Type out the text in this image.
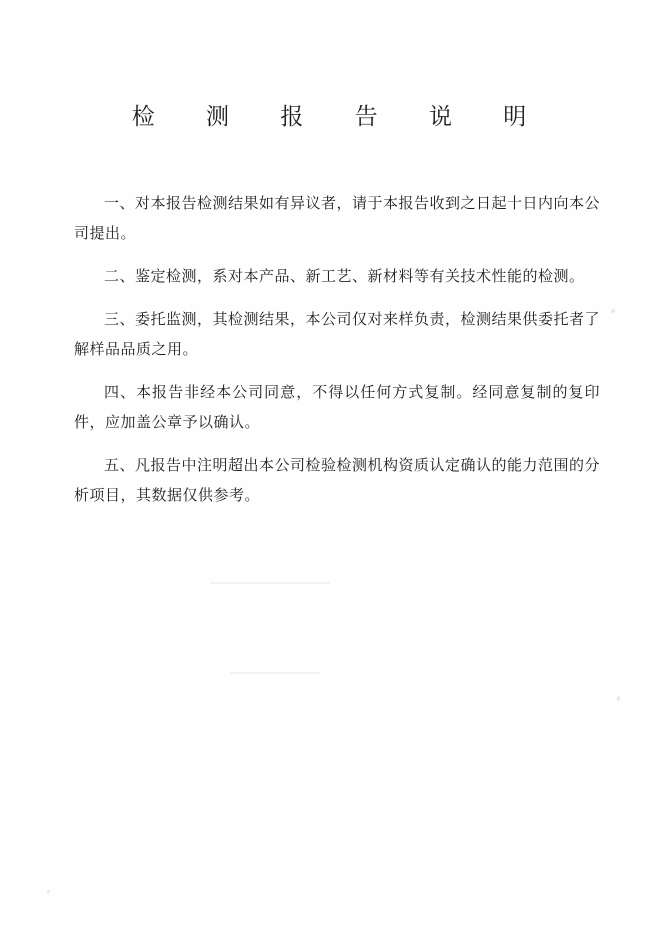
检 测 报 告 说 明

一、对本报告检测结果如有异议者，请于本报告收到之日起十日内向本公司提出。

二、鉴定检测，系对本产品、新工艺、新材料等有关技术性能的检测。

三、委托监测，其检测结果，本公司仅对来样负责，检测结果供委托者了解样品品质之用。

四、本报告非经本公司同意，不得以任何方式复制。经同意复制的复印件，应加盖公章予以确认。

五、凡报告中注明超出本公司检验检测机构资质认定确认的能力范围的分析项目，其数据仅供参考。
